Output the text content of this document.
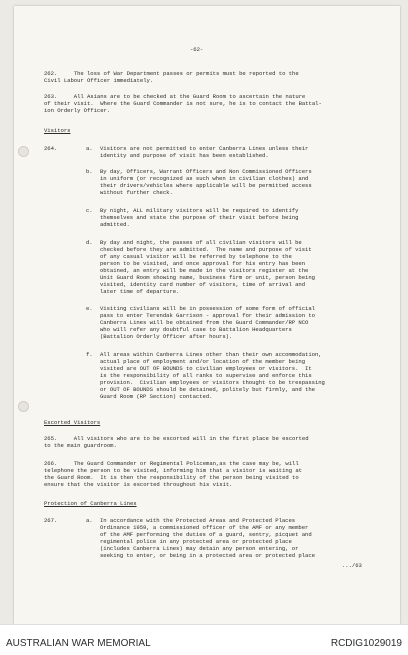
-62-
262.     The loss of War Department passes or permits must be reported to the
Civil Labour Officer immediately.
263.     All Asians are to be checked at the Guard Room to ascertain the nature
of their visit.  Where the Guard Commander is not sure, he is to contact the Battal-
ion Orderly Officer.
Visitors
264.	a. Visitors are not permitted to enter Canberra Lines unless their
identity and purpose of visit has been established.
b. By day, Officers, Warrant Officers and Non Commissioned Officers
in uniform (or recognized as such when in civilian clothes) and
their drivers/vehicles where applicable will be permitted access
without further check.
c. By night, ALL military visitors will be required to identify
themselves and state the purpose of their visit before being
admitted.
d. By day and night, the passes of all civilian visitors will be
checked before they are admitted.  The name and purpose of visit
of any casual visitor will be referred by telephone to the
person to be visited, and once approval for his entry has been
obtained, an entry will be made in the visitors register at the
Unit Guard Room showing name, business firm or unit, person being
visited, identity card number of visitors, time of arrival and
later time of departure.
e. Visiting civilians will be in possession of some form of official
pass to enter Terendak Garrison - approval for their admission to
Canberra Lines will be obtained from the Guard Commander/RP NCO
who will refer any doubtful case to Battalion Headquarters
(Battalion Orderly Officer after hours).
f. All areas within Canberra Lines other than their own accommodation,
actual place of employment and/or location of the member being
visited are OUT OF BOUNDS to civilian employees or visitors.  It
is the responsibility of all ranks to supervise and enforce this
provision.  Civilian employees or visitors thought to be trespassing
or OUT OF BOUNDS should be detained, politely but firmly, and the
Guard Room (RP Section) contacted.
Escorted Visitors
265.     All visitors who are to be escorted will in the first place be escorted
to the main guardroom.
266.     The Guard Commander or Regimental Policeman,as the case may be, will
telephone the person to be visited, informing him that a visitor is waiting at
the Guard Room.  It is then the responsibility of the person being visited to
ensure that the visitor is escorted throughout his visit.
Protection of Canberra Lines
267.	a. In accordance with the Protected Areas and Protected Places
Ordinance 1959, a commissioned officer of the AMF or any member
of the AMF performing the duties of a guard, sentry, picquet and
regimental police in any protected area or protected place
(includes Canberra Lines) may detain any person entering, or
seeking to enter, or being in a protected area or protected place
.../63
AUSTRALIAN WAR MEMORIAL	RCDIG1029019
